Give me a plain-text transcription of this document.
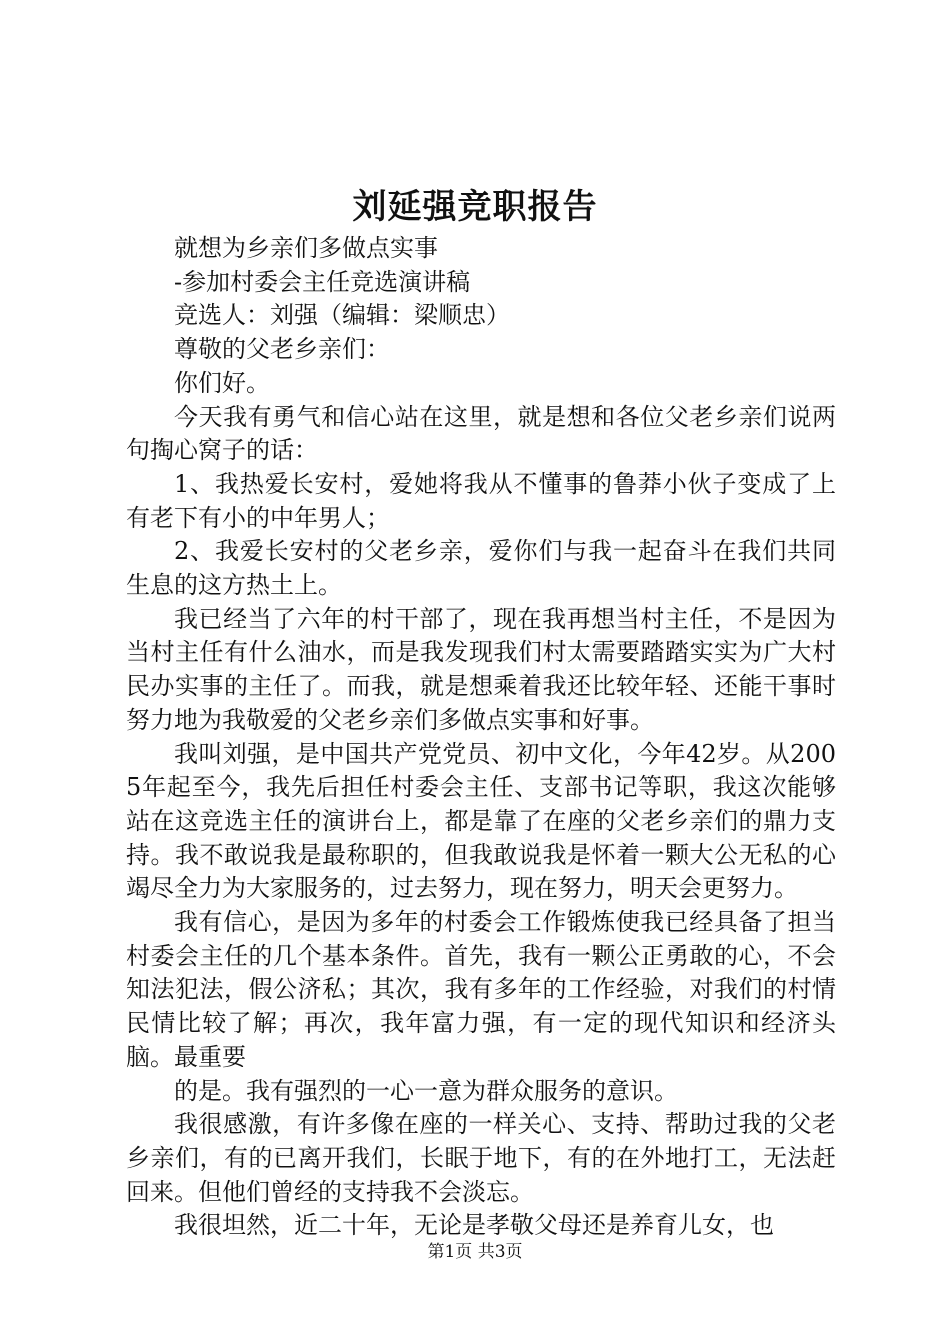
刘延强竞职报告

就想为乡亲们多做点实事

-参加村委会主任竞选演讲稿

竞选人：刘强（编辑：梁顺忠）

尊敬的父老乡亲们：

你们好。

今天我有勇气和信心站在这里，就是想和各位父老乡亲们说两句掏心窝子的话：

1、我热爱长安村，爱她将我从不懂事的鲁莽小伙子变成了上有老下有小的中年男人；

2、我爱长安村的父老乡亲，爱你们与我一起奋斗在我们共同生息的这方热土上。

我已经当了六年的村干部了，现在我再想当村主任，不是因为当村主任有什么油水，而是我发现我们村太需要踏踏实实为广大村民办实事的主任了。而我，就是想乘着我还比较年轻、还能干事时努力地为我敬爱的父老乡亲们多做点实事和好事。

我叫刘强，是中国共产党党员、初中文化，今年42岁。从2005年起至今，我先后担任村委会主任、支部书记等职，我这次能够站在这竞选主任的演讲台上，都是靠了在座的父老乡亲们的鼎力支持。我不敢说我是最称职的，但我敢说我是怀着一颗大公无私的心竭尽全力为大家服务的，过去努力，现在努力，明天会更努力。

我有信心，是因为多年的村委会工作锻炼使我已经具备了担当村委会主任的几个基本条件。首先，我有一颗公正勇敢的心，不会知法犯法，假公济私；其次，我有多年的工作经验，对我们的村情民情比较了解；再次，我年富力强，有一定的现代知识和经济头脑。最重要

的是。我有强烈的一心一意为群众服务的意识。

我很感激，有许多像在座的一样关心、支持、帮助过我的父老乡亲们，有的已离开我们，长眠于地下，有的在外地打工，无法赶回来。但他们曾经的支持我不会淡忘。

我很坦然，近二十年，无论是孝敬父母还是养育儿女，也

第1页 共3页
